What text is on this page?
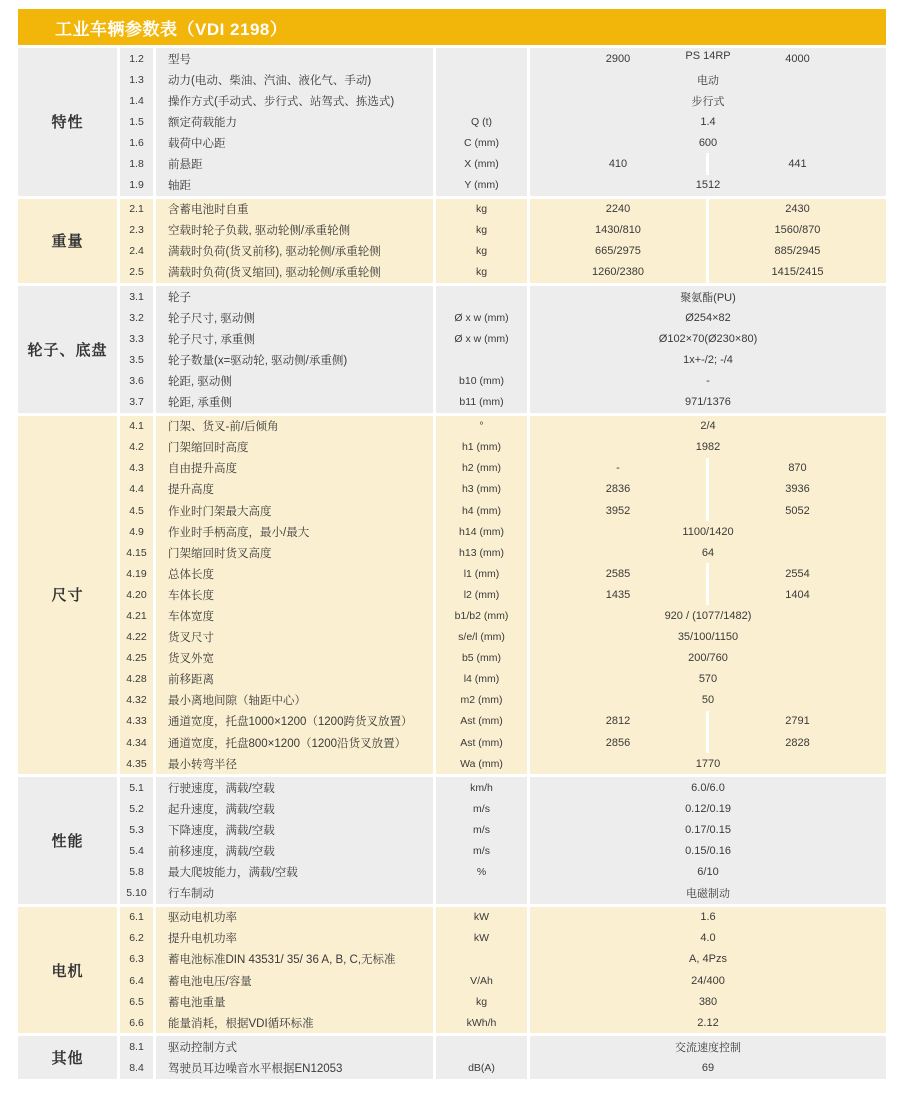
工业车辆参数表（VDI 2198）
特性
1.2	型号	2900	4000
PS 14RP
1.3	动力(电动、柴油、汽油、液化气、手动)	电动
1.4	操作方式(手动式、步行式、站驾式、拣选式)	步行式
1.5	额定荷载能力	Q (t)	1.4
1.6	载荷中心距	C (mm)	600
1.8	前悬距	X (mm)	410	441
1.9	轴距	Y (mm)	1512
重量
2.1	含蓄电池时自重	kg	2240	2430
2.3	空载时轮子负载, 驱动轮侧/承重轮侧	kg	1430/810	1560/870
2.4	满载时负荷(货叉前移), 驱动轮侧/承重轮侧	kg	665/2975	885/2945
2.5	满载时负荷(货叉缩回), 驱动轮侧/承重轮侧	kg	1260/2380	1415/2415
轮子、底盘
3.1	轮子	聚氨酯(PU)
3.2	轮子尺寸, 驱动侧	Ø x w (mm)	Ø254×82
3.3	轮子尺寸, 承重侧	Ø x w (mm)	Ø102×70(Ø230×80)
3.5	轮子数量(x=驱动轮, 驱动侧/承重侧)	1x+-/2; -/4
3.6	轮距, 驱动侧	b10 (mm)	-
3.7	轮距, 承重侧	b11 (mm)	971/1376
尺寸
4.1	门架、货叉-前/后倾角	°	2/4
4.2	门架缩回时高度	h1 (mm)	1982
4.3	自由提升高度	h2 (mm)	-	870
4.4	提升高度	h3 (mm)	2836	3936
4.5	作业时门架最大高度	h4 (mm)	3952	5052
4.9	作业时手柄高度，最小/最大	h14 (mm)	1100/1420
4.15	门架缩回时货叉高度	h13 (mm)	64
4.19	总体长度	l1 (mm)	2585	2554
4.20	车体长度	l2 (mm)	1435	1404
4.21	车体宽度	b1/b2 (mm)	920 / (1077/1482)
4.22	货叉尺寸	s/e/l (mm)	35/100/1150
4.25	货叉外宽	b5 (mm)	200/760
4.28	前移距离	l4 (mm)	570
4.32	最小离地间隙（轴距中心）	m2 (mm)	50
4.33	通道宽度，托盘1000×1200（1200跨货叉放置）	Ast (mm)	2812	2791
4.34	通道宽度，托盘800×1200（1200沿货叉放置）	Ast (mm)	2856	2828
4.35	最小转弯半径	Wa (mm)	1770
性能
5.1	行驶速度，满载/空载	km/h	6.0/6.0
5.2	起升速度，满载/空载	m/s	0.12/0.19
5.3	下降速度，满载/空载	m/s	0.17/0.15
5.4	前移速度，满载/空载	m/s	0.15/0.16
5.8	最大爬坡能力，满载/空载	%	6/10
5.10	行车制动	电磁制动
电机
6.1	驱动电机功率	kW	1.6
6.2	提升电机功率	kW	4.0
6.3	蓄电池标准DIN 43531/ 35/ 36 A, B, C,无标准	A, 4Pzs
6.4	蓄电池电压/容量	V/Ah	24/400
6.5	蓄电池重量	kg	380
6.6	能量消耗，根据VDI循环标准	kWh/h	2.12
其他
8.1	驱动控制方式	交流速度控制
8.4	驾驶员耳边噪音水平根据EN12053	dB(A)	69
